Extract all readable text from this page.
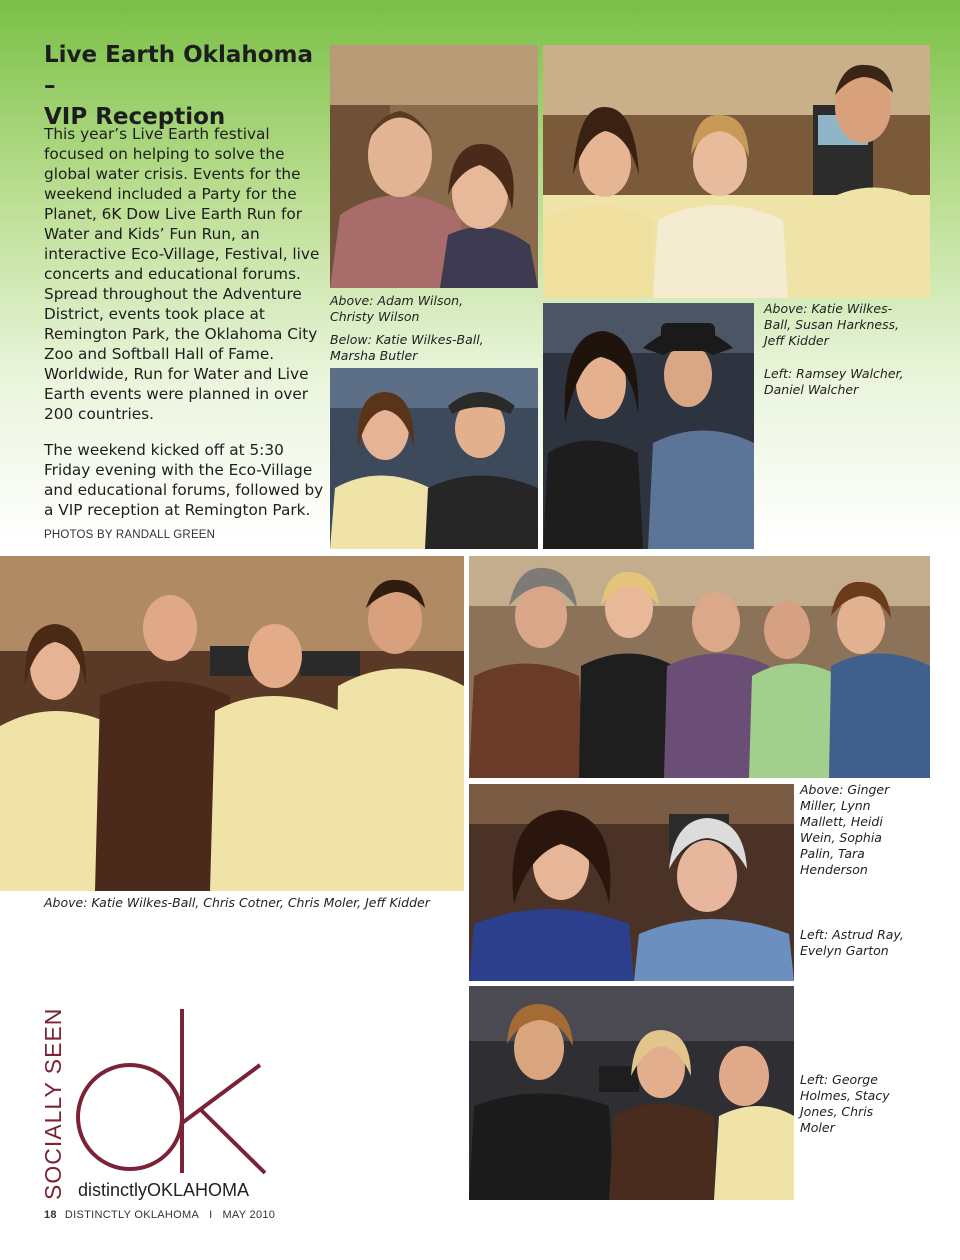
Live Earth Oklahoma –
VIP Reception

This year’s Live Earth festival focused on helping to solve the global water crisis. Events for the weekend included a Party for the Planet, 6K Dow Live Earth Run for Water and Kids’ Fun Run, an interactive Eco-Village, Festival, live concerts and educational forums. Spread throughout the Adventure District, events took place at Remington Park, the Oklahoma City Zoo and Softball Hall of Fame. Worldwide, Run for Water and Live Earth events were planned in over 200 countries.

The weekend kicked off at 5:30 Friday evening with the Eco-Village and educational forums, followed by a VIP reception at Remington Park.

PHOTOS BY RANDALL GREEN
Above: Adam Wilson,
Christy Wilson
Below: Katie Wilkes-Ball,
Marsha Butler
Above: Katie Wilkes-
Ball, Susan Harkness,
Jeff Kidder
Left: Ramsey Walcher,
Daniel Walcher
Above: Katie Wilkes-Ball, Chris Cotner, Chris Moler, Jeff Kidder
Above: Ginger
Miller, Lynn
Mallett, Heidi
Wein, Sophia
Palin, Tara
Henderson
Left: Astrud Ray,
Evelyn Garton
Left: George
Holmes, Stacy
Jones, Chris
Moler
SOCIALLY SEEN distinctlyOKLAHOMA
18 DISTINCTLY OKLAHOMA I MAY 2010
